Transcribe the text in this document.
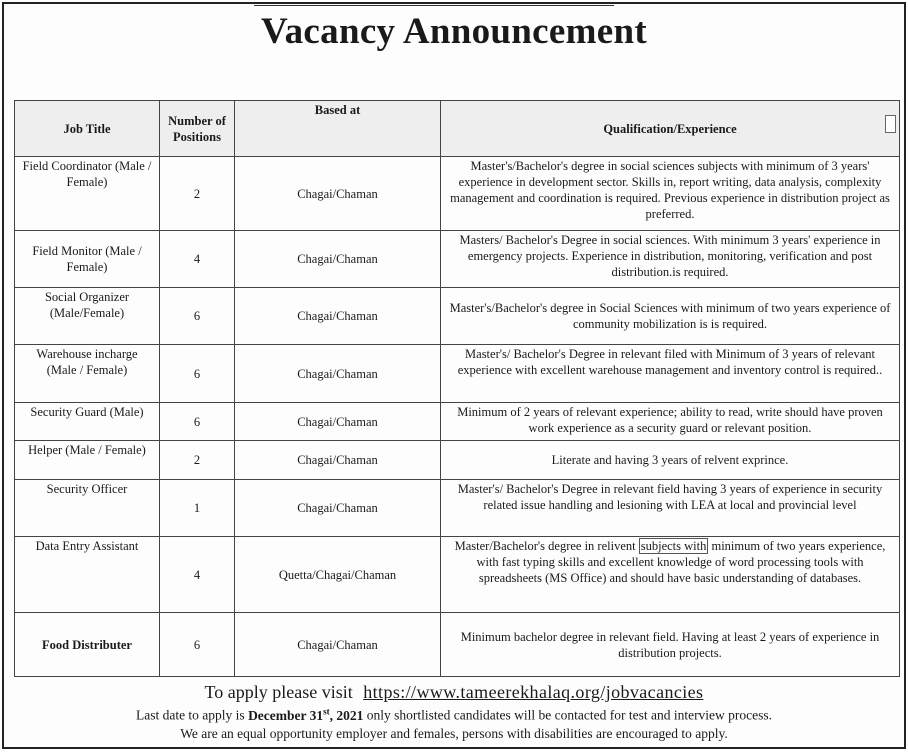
Vacancy Announcement
Job Title	Number of Positions	Based at	Qualification/Experience

Field Coordinator (Male / Female)	2	Chagai/Chaman	Master's/Bachelor's degree in social sciences subjects with minimum of 3 years' experience in development sector. Skills in, report writing, data analysis, complexity management and coordination is required. Previous experience in distribution project as preferred.
Field Monitor (Male / Female)	4	Chagai/Chaman	Masters/ Bachelor's Degree in social sciences. With minimum 3 years' experience in emergency projects. Experience in distribution, monitoring, verification and post distribution.is required.
Social Organizer (Male/Female)	6	Chagai/Chaman	Master's/Bachelor's degree in Social Sciences with minimum of two years experience of community mobilization is is required.
Warehouse incharge (Male / Female)	6	Chagai/Chaman	Master's/ Bachelor's Degree in relevant filed with Minimum of 3 years of relevant experience with excellent warehouse management and inventory control is required..
Security Guard (Male)	6	Chagai/Chaman	Minimum of 2 years of relevant experience; ability to read, write should have proven work experience as a security guard or relevant position.
Helper (Male / Female)	2	Chagai/Chaman	Literate and having 3 years of relvent exprince.
Security Officer	1	Chagai/Chaman	Master's/ Bachelor's Degree in relevant field having 3 years of experience in security related issue handling and lesioning with LEA at local and provincial level
Data Entry Assistant	4	Quetta/Chagai/Chaman	Master/Bachelor's degree in relivent subjects with minimum of two years experience, with fast typing skills and excellent knowledge of word processing tools with spreadsheets (MS Office) and should have basic understanding of databases.
Food Distributer	6	Chagai/Chaman	Minimum bachelor degree in relevant field. Having at least 2 years of experience in distribution projects.
To apply please visit https://www.tameerekhalaq.org/jobvacancies
Last date to apply is December 31st, 2021 only shortlisted candidates will be contacted for test and interview process.
We are an equal opportunity employer and females, persons with disabilities are encouraged to apply.
